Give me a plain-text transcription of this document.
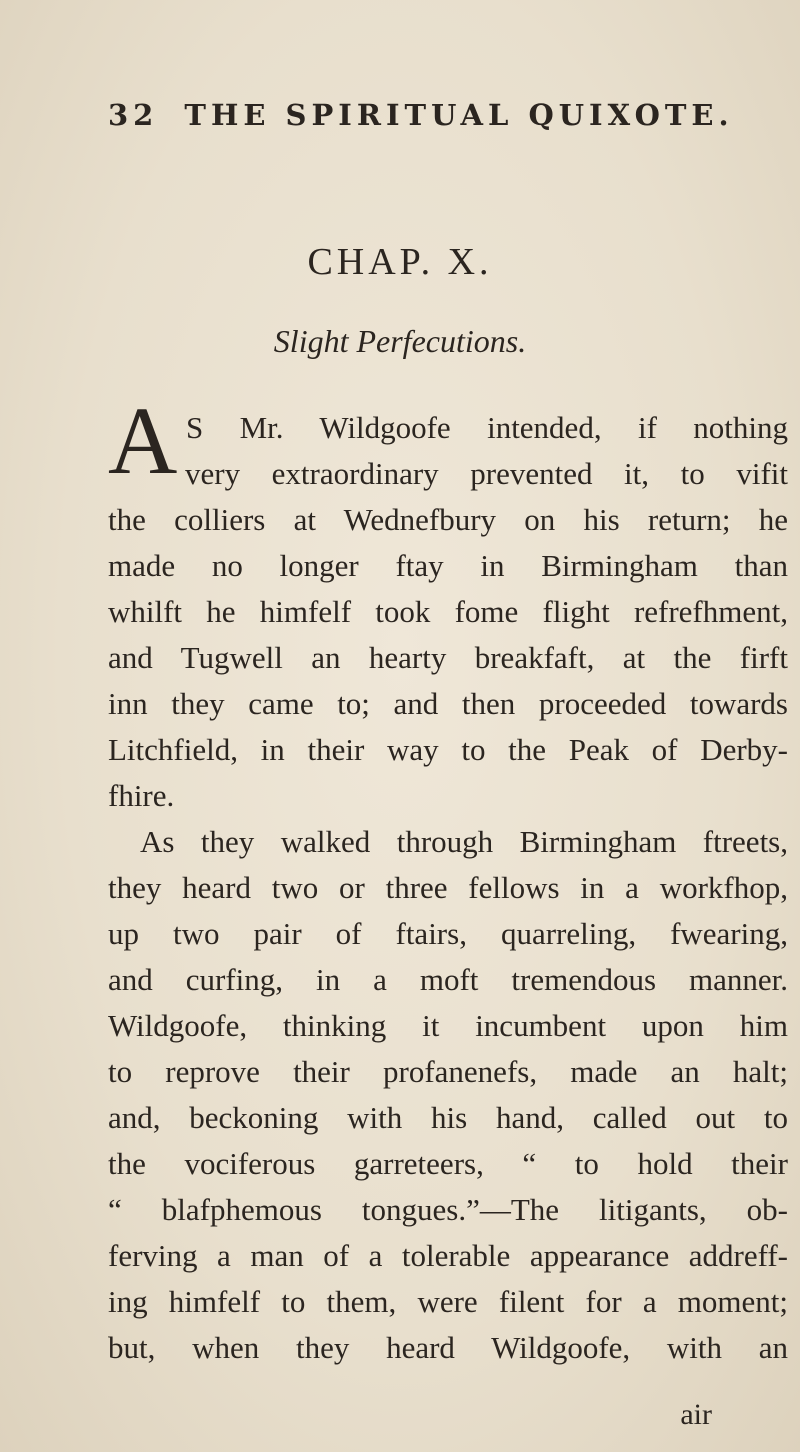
32 THE SPIRITUAL QUIXOTE.
CHAP. X.
Slight Perfecutions.
A S Mr. Wildgoofe intended, if nothing
very extraordinary prevented it, to vifit
the colliers at Wednefbury on his return; he
made no longer ftay in Birmingham than
whilft he himfelf took fome flight refrefhment,
and Tugwell an hearty breakfaft, at the firft
inn they came to; and then proceeded towards
Litchfield, in their way to the Peak of Derby-
fhire.
As they walked through Birmingham ftreets,
they heard two or three fellows in a workfhop,
up two pair of ftairs, quarreling, fwearing,
and curfing, in a moft tremendous manner.
Wildgoofe, thinking it incumbent upon him
to reprove their profanenefs, made an halt;
and, beckoning with his hand, called out to
the vociferous garreteers, “ to hold their
“ blafphemous tongues.”—The litigants, ob-
ferving a man of a tolerable appearance addreff-
ing himfelf to them, were filent for a moment;
but, when they heard Wildgoofe, with an
air
